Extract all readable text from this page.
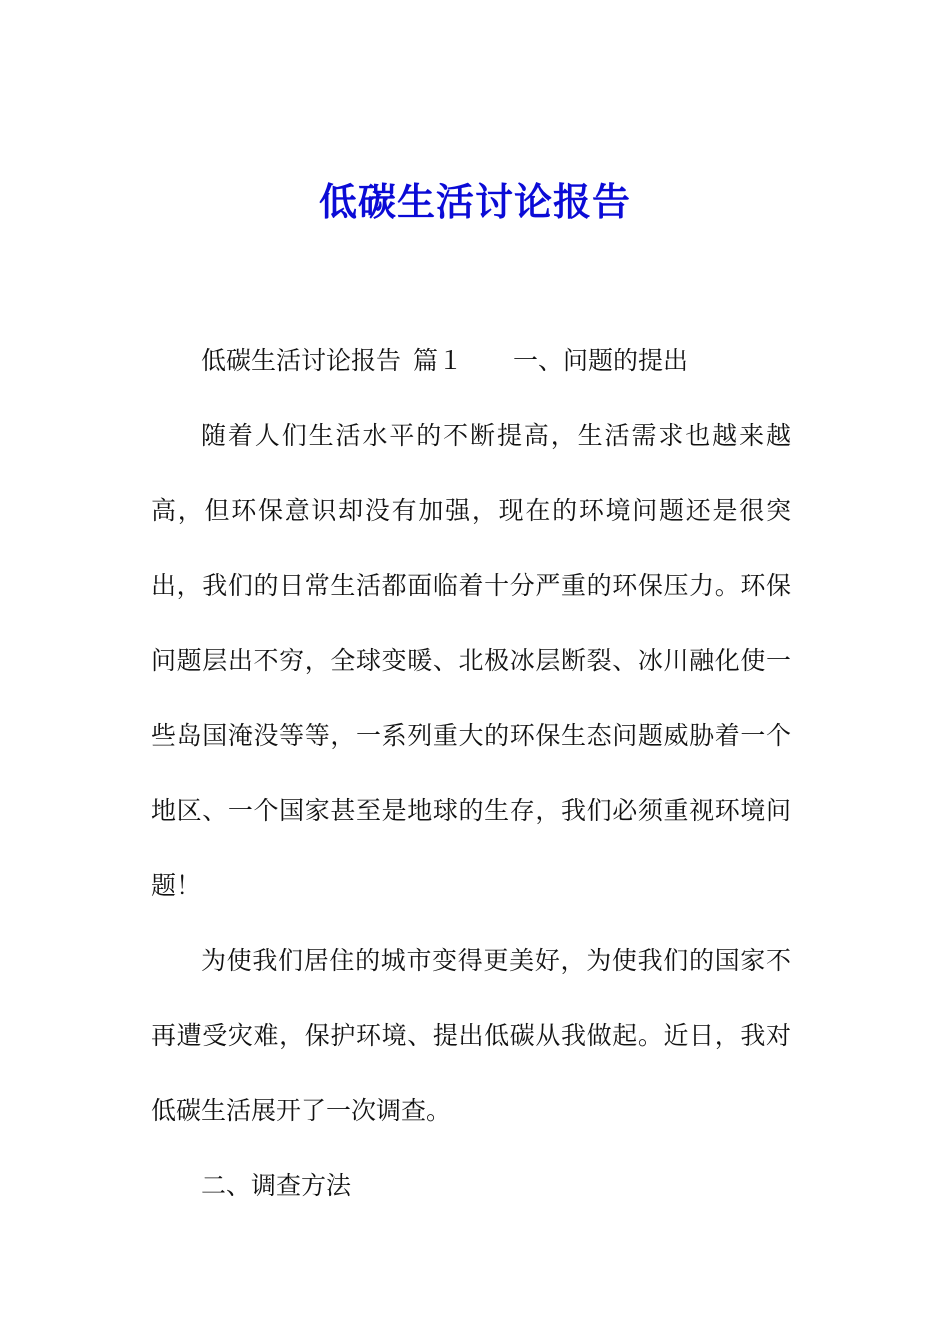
低碳生活讨论报告
低碳生活讨论报告 篇１ 一、问题的提出

随着人们生活水平的不断提高，生活需求也越来越高，但环保意识却没有加强，现在的环境问题还是很突出，我们的日常生活都面临着十分严重的环保压力。环保问题层出不穷，全球变暖、北极冰层断裂、冰川融化使一些岛国淹没等等，一系列重大的环保生态问题威胁着一个地区、一个国家甚至是地球的生存，我们必须重视环境问题！

为使我们居住的城市变得更美好，为使我们的国家不再遭受灾难，保护环境、提出低碳从我做起。近日，我对低碳生活展开了一次调查。

二、调查方法
